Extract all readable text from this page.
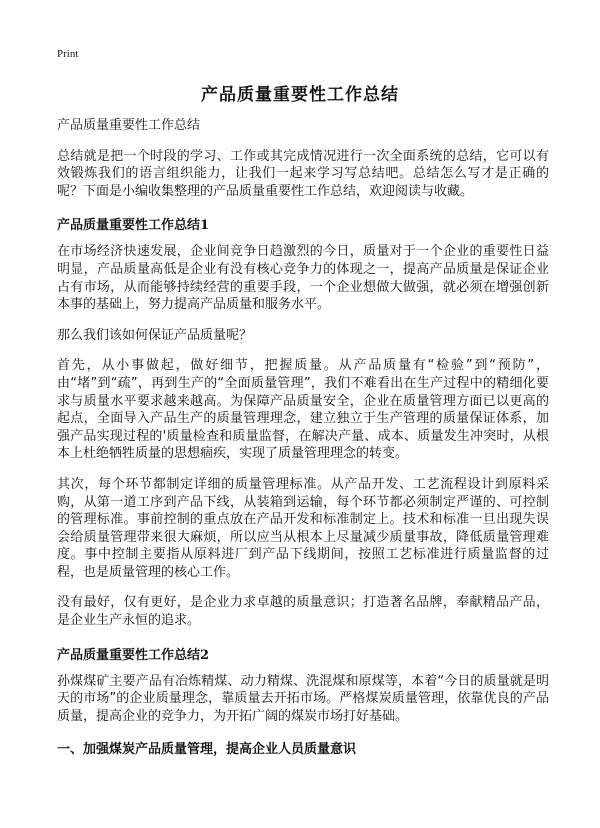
Print
产品质量重要性工作总结

产品质量重要性工作总结

总结就是把一个时段的学习、工作或其完成情况进行一次全面系统的总结，它可以有效锻炼我们的语言组织能力，让我们一起来学习写总结吧。总结怎么写才是正确的呢？下面是小编收集整理的产品质量重要性工作总结，欢迎阅读与收藏。

产品质量重要性工作总结1

在市场经济快速发展，企业间竞争日趋激烈的今日，质量对于一个企业的重要性日益明显，产品质量高低是企业有没有核心竞争力的体现之一，提高产品质量是保证企业占有市场，从而能够持续经营的重要手段，一个企业想做大做强，就必须在增强创新本事的基础上，努力提高产品质量和服务水平。

那么我们该如何保证产品质量呢？

首先，从小事做起，做好细节，把握质量。从产品质量有“检验”到“预防”，由“堵”到“疏”，再到生产的“全面质量管理”，我们不难看出在生产过程中的精细化要求与质量水平要求越来越高。为保障产品质量安全，企业在质量管理方面已以更高的起点，全面导入产品生产的质量管理理念，建立独立于生产管理的质量保证体系，加强产品实现过程的'质量检查和质量监督，在解决产量、成本、质量发生冲突时，从根本上杜绝牺牲质量的思想痼疾，实现了质量管理理念的转变。

其次，每个环节都制定详细的质量管理标准。从产品开发、工艺流程设计到原料采购，从第一道工序到产品下线，从装箱到运输，每个环节都必须制定严谨的、可控制的管理标准。事前控制的重点放在产品开发和标准制定上。技术和标准一旦出现失误会给质量管理带来很大麻烦，所以应当从根本上尽量减少质量事故，降低质量管理难度。事中控制主要指从原料进厂到产品下线期间，按照工艺标准进行质量监督的过程，也是质量管理的核心工作。

没有最好，仅有更好，是企业力求卓越的质量意识；打造著名品牌，奉献精品产品，是企业生产永恒的追求。

产品质量重要性工作总结2

孙煤煤矿主要产品有冶炼精煤、动力精煤、洗混煤和原煤等，本着“今日的质量就是明天的市场”的企业质量理念，靠质量去开拓市场。严格煤炭质量管理，依靠优良的产品质量，提高企业的竞争力，为开拓广阔的煤炭市场打好基础。

一、加强煤炭产品质量管理，提高企业人员质量意识
